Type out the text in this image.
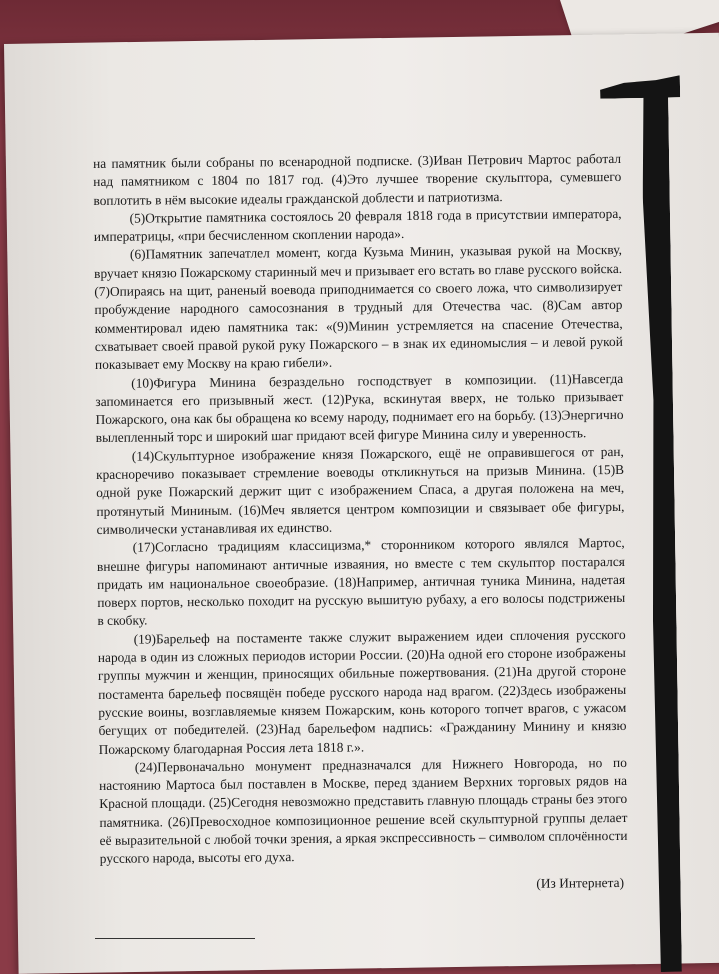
на памятник были собраны по всенародной подписке. (3)Иван Петрович Мартос работал над памятником с 1804 по 1817 год. (4)Это лучшее творение скульптора, сумевшего воплотить в нём высокие идеалы гражданской доблести и патриотизма.

(5)Открытие памятника состоялось 20 февраля 1818 года в присутствии императора, императрицы, «при бесчисленном скоплении народа».

(6)Памятник запечатлел момент, когда Кузьма Минин, указывая рукой на Москву, вручает князю Пожарскому старинный меч и призывает его встать во главе русского войска. (7)Опираясь на щит, раненый воевода приподнимается со своего ложа, что символизирует пробуждение народного самосознания в трудный для Отечества час. (8)Сам автор комментировал идею памятника так: «(9)Минин устремляется на спасение Отечества, схватывает своей правой рукой руку Пожарского – в знак их единомыслия – и левой рукой показывает ему Москву на краю гибели».

(10)Фигура Минина безраздельно господствует в композиции. (11)Навсегда запоминается его призывный жест. (12)Рука, вскинутая вверх, не только призывает Пожарского, она как бы обращена ко всему народу, поднимает его на борьбу. (13)Энергично вылепленный торс и широкий шаг придают всей фигуре Минина силу и уверенность.

(14)Скульптурное изображение князя Пожарского, ещё не оправившегося от ран, красноречиво показывает стремление воеводы откликнуться на призыв Минина. (15)В одной руке Пожарский держит щит с изображением Спаса, а другая положена на меч, протянутый Мининым. (16)Меч является центром композиции и связывает обе фигуры, символически устанавливая их единство.

(17)Согласно традициям классицизма,* сторонником которого являлся Мартос, внешне фигуры напоминают античные изваяния, но вместе с тем скульптор постарался придать им национальное своеобразие. (18)Например, античная туника Минина, надетая поверх портов, несколько походит на русскую вышитую рубаху, а его волосы подстрижены в скобку.

(19)Барельеф на постаменте также служит выражением идеи сплочения русского народа в один из сложных периодов истории России. (20)На одной его стороне изображены группы мужчин и женщин, приносящих обильные пожертвования. (21)На другой стороне постамента барельеф посвящён победе русского народа над врагом. (22)Здесь изображены русские воины, возглавляемые князем Пожарским, конь которого топчет врагов, с ужасом бегущих от победителей. (23)Над барельефом надпись: «Гражданину Минину и князю Пожарскому благодарная Россия лета 1818 г.».

(24)Первоначально монумент предназначался для Нижнего Новгорода, но по настоянию Мартоса был поставлен в Москве, перед зданием Верхних торговых рядов на Красной площади. (25)Сегодня невозможно представить главную площадь страны без этого памятника. (26)Превосходное композиционное решение всей скульптурной группы делает её выразительной с любой точки зрения, а яркая экспрессивность – символом сплочённости русского народа, высоты его духа.

(Из Интернета)
